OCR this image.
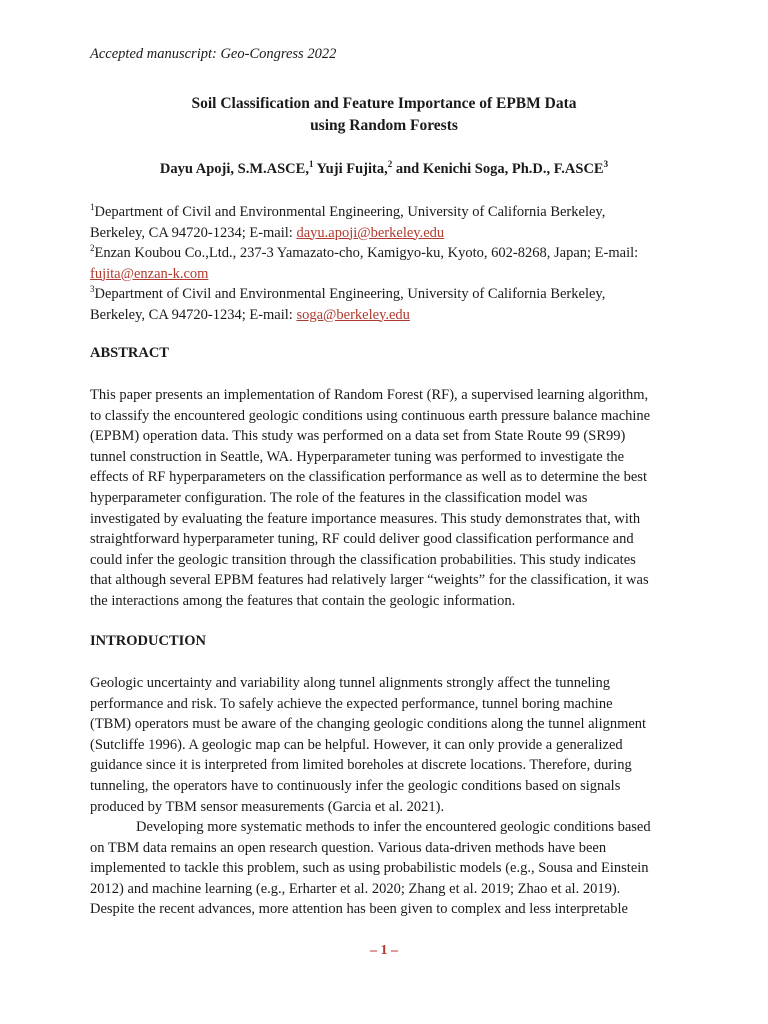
Accepted manuscript: Geo-Congress 2022
Soil Classification and Feature Importance of EPBM Data
using Random Forests
Dayu Apoji, S.M.ASCE,$^1$ Yuji Fujita,$^2$ and Kenichi Soga, Ph.D., F.ASCE$^3$
$^1$Department of Civil and Environmental Engineering, University of California Berkeley,
Berkeley, CA 94720-1234; E-mail: dayu.apoji@berkeley.edu
$^2$Enzan Koubou Co.,Ltd., 237-3 Yamazato-cho, Kamigyo-ku, Kyoto, 602-8268, Japan; E-mail:
fujita@enzan-k.com
$^3$Department of Civil and Environmental Engineering, University of California Berkeley,
Berkeley, CA 94720-1234; E-mail: soga@berkeley.edu
ABSTRACT
This paper presents an implementation of Random Forest (RF), a supervised learning algorithm,
to classify the encountered geologic conditions using continuous earth pressure balance machine
(EPBM) operation data. This study was performed on a data set from State Route 99 (SR99)
tunnel construction in Seattle, WA. Hyperparameter tuning was performed to investigate the
effects of RF hyperparameters on the classification performance as well as to determine the best
hyperparameter configuration. The role of the features in the classification model was
investigated by evaluating the feature importance measures. This study demonstrates that, with
straightforward hyperparameter tuning, RF could deliver good classification performance and
could infer the geologic transition through the classification probabilities. This study indicates
that although several EPBM features had relatively larger “weights” for the classification, it was
the interactions among the features that contain the geologic information.
INTRODUCTION
Geologic uncertainty and variability along tunnel alignments strongly affect the tunneling
performance and risk. To safely achieve the expected performance, tunnel boring machine
(TBM) operators must be aware of the changing geologic conditions along the tunnel alignment
(Sutcliffe 1996). A geologic map can be helpful. However, it can only provide a generalized
guidance since it is interpreted from limited boreholes at discrete locations. Therefore, during
tunneling, the operators have to continuously infer the geologic conditions based on signals
produced by TBM sensor measurements (Garcia et al. 2021).
Developing more systematic methods to infer the encountered geologic conditions based
on TBM data remains an open research question. Various data-driven methods have been
implemented to tackle this problem, such as using probabilistic models (e.g., Sousa and Einstein
2012) and machine learning (e.g., Erharter et al. 2020; Zhang et al. 2019; Zhao et al. 2019).
Despite the recent advances, more attention has been given to complex and less interpretable
– 1 –
